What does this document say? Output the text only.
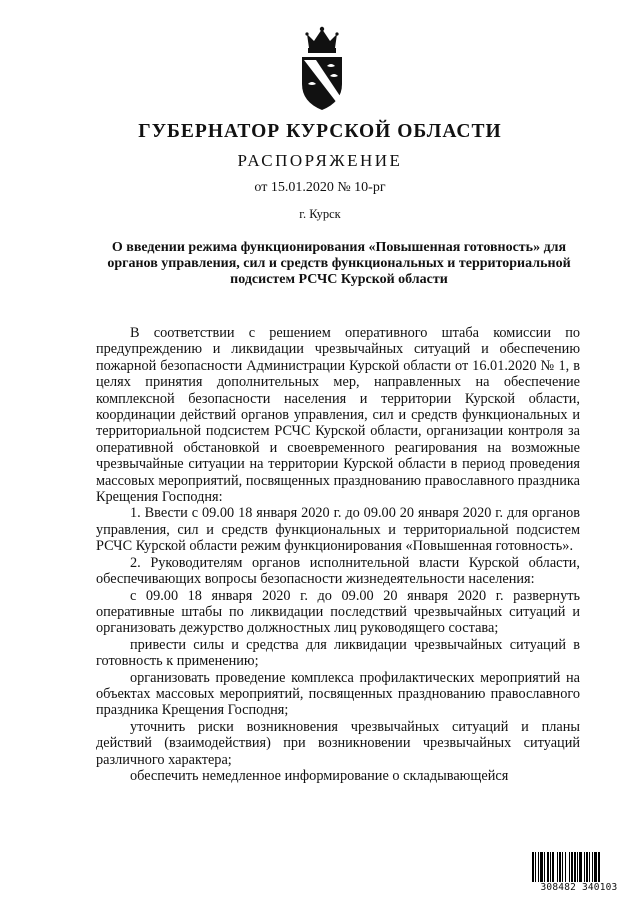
ГУБЕРНАТОР КУРСКОЙ ОБЛАСТИ
РАСПОРЯЖЕНИЕ
от 15.01.2020 № 10-рг
г. Курск
О введении режима функционирования «Повышенная готовность» для органов управления, сил и средств функциональных и территориальной подсистем РСЧС Курской области

В соответствии с решением оперативного штаба комиссии по предупреждению и ликвидации чрезвычайных ситуаций и обеспечению пожарной безопасности Администрации Курской области от 16.01.2020 № 1, в целях принятия дополнительных мер, направленных на обеспечение комплексной безопасности населения и территории Курской области, координации действий органов управления, сил и средств функциональных и территориальной подсистем РСЧС Курской области, организации контроля за оперативной обстановкой и своевременного реагирования на возможные чрезвычайные ситуации на территории Курской области в период проведения массовых мероприятий, посвященных празднованию православного праздника Крещения Господня:

1. Ввести с 09.00 18 января 2020 г. до 09.00 20 января 2020 г. для органов управления, сил и средств функциональных и территориальной подсистем РСЧС Курской области режим функционирования «Повышенная готовность».

2. Руководителям органов исполнительной власти Курской области, обеспечивающих вопросы безопасности жизнедеятельности населения:

с 09.00 18 января 2020 г. до 09.00 20 января 2020 г. развернуть оперативные штабы по ликвидации последствий чрезвычайных ситуаций и организовать дежурство должностных лиц руководящего состава;

привести силы и средства для ликвидации чрезвычайных ситуаций в готовность к применению;

организовать проведение комплекса профилактических мероприятий на объектах массовых мероприятий, посвященных празднованию православного праздника Крещения Господня;

уточнить риски возникновения чрезвычайных ситуаций и планы действий (взаимодействия) при возникновении чрезвычайных ситуаций различного характера;

обеспечить немедленное информирование о складывающейся

308482 340103
